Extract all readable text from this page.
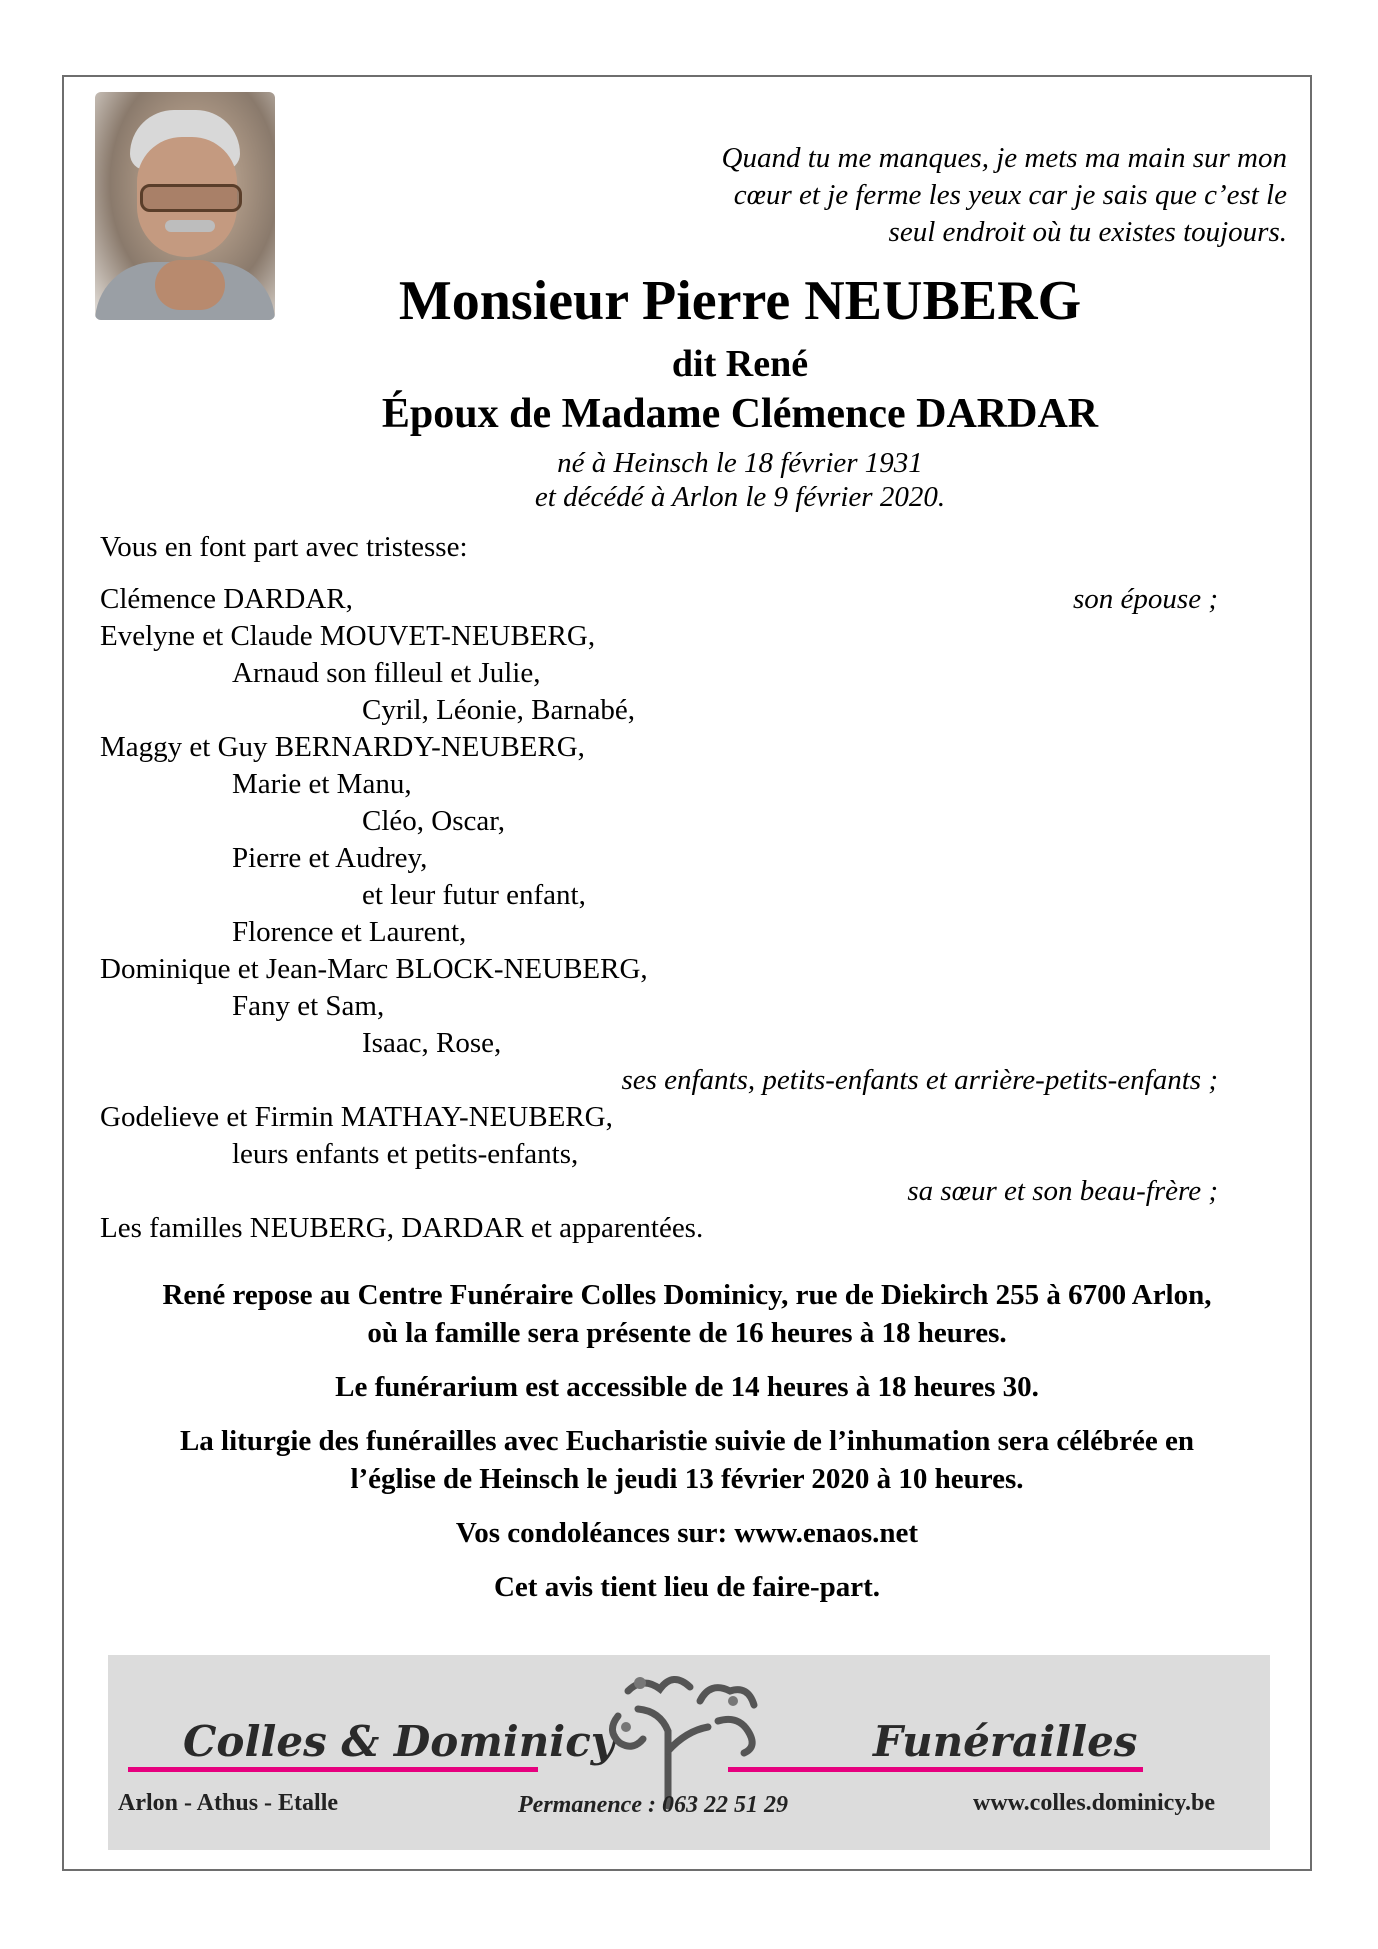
Quand tu me manques, je mets ma main sur mon
cœur et je ferme les yeux car je sais que c’est le
seul endroit où tu existes toujours.
Monsieur Pierre NEUBERG
dit René
Époux de Madame Clémence DARDAR
né à Heinsch le 18 février 1931
et décédé à Arlon le 9 février 2020.
Vous en font part avec tristesse:
Clémence DARDAR,	son épouse ;
Evelyne et Claude MOUVET-NEUBERG,
Arnaud son filleul et Julie,
Cyril, Léonie, Barnabé,
Maggy et Guy BERNARDY-NEUBERG,
Marie et Manu,
Cléo, Oscar,
Pierre et Audrey,
et leur futur enfant,
Florence et Laurent,
Dominique et Jean-Marc BLOCK-NEUBERG,
Fany et Sam,
Isaac, Rose,
ses enfants, petits-enfants et arrière-petits-enfants ;
Godelieve et Firmin MATHAY-NEUBERG,
leurs enfants et petits-enfants,
sa sœur et son beau-frère ;
Les familles NEUBERG, DARDAR et apparentées.
René repose au Centre Funéraire Colles Dominicy, rue de Diekirch 255 à 6700 Arlon,
où la famille sera présente de 16 heures à 18 heures.
Le funérarium est accessible de 14 heures à 18 heures 30.
La liturgie des funérailles avec Eucharistie suivie de l’inhumation sera célébrée en
l’église de Heinsch le jeudi 13 février 2020 à 10 heures.
Vos condoléances sur: www.enaos.net
Cet avis tient lieu de faire-part.
Colles & Dominicy	Funérailles
Arlon - Athus - Etalle	Permanence : 063 22 51 29	www.colles.dominicy.be
